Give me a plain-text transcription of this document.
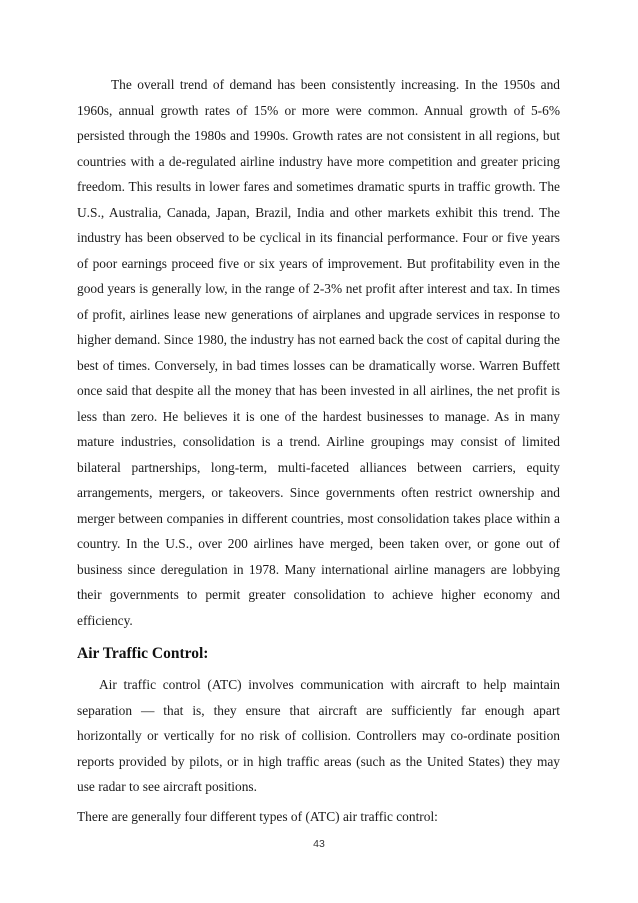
The overall trend of demand has been consistently increasing. In the 1950s and 1960s, annual growth rates of 15% or more were common. Annual growth of 5-6% persisted through the 1980s and 1990s. Growth rates are not consistent in all regions, but countries with a de-regulated airline industry have more competition and greater pricing freedom. This results in lower fares and sometimes dramatic spurts in traffic growth. The U.S., Australia, Canada, Japan, Brazil, India and other markets exhibit this trend. The industry has been observed to be cyclical in its financial performance. Four or five years of poor earnings proceed five or six years of improvement. But profitability even in the good years is generally low, in the range of 2-3% net profit after interest and tax. In times of profit, airlines lease new generations of airplanes and upgrade services in response to higher demand. Since 1980, the industry has not earned back the cost of capital during the best of times. Conversely, in bad times losses can be dramatically worse. Warren Buffett once said that despite all the money that has been invested in all airlines, the net profit is less than zero. He believes it is one of the hardest businesses to manage. As in many mature industries, consolidation is a trend. Airline groupings may consist of limited bilateral partnerships, long-term, multi-faceted alliances between carriers, equity arrangements, mergers, or takeovers. Since governments often restrict ownership and merger between companies in different countries, most consolidation takes place within a country. In the U.S., over 200 airlines have merged, been taken over, or gone out of business since deregulation in 1978. Many international airline managers are lobbying their governments to permit greater consolidation to achieve higher economy and efficiency.

Air Traffic Control:

Air traffic control (ATC) involves communication with aircraft to help maintain separation — that is, they ensure that aircraft are sufficiently far enough apart horizontally or vertically for no risk of collision. Controllers may co-ordinate position reports provided by pilots, or in high traffic areas (such as the United States) they may use radar to see aircraft positions.

There are generally four different types of (ATC) air traffic control:

43
